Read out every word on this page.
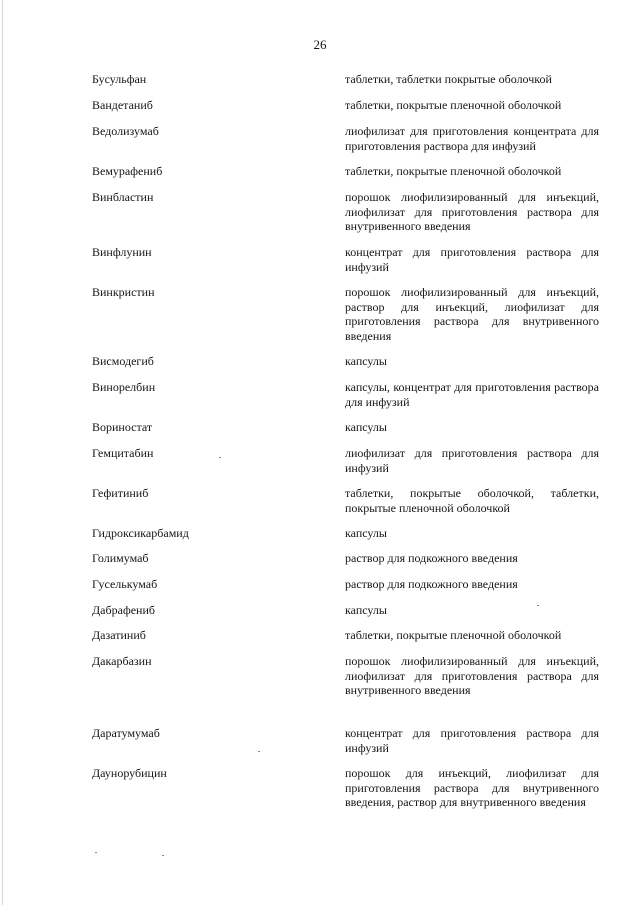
26
Бусульфан	таблетки, таблетки покрытые оболочкой
Вандетаниб	таблетки, покрытые пленочной оболочкой
Ведолизумаб	лиофилизат для приготовления концентрата для приготовления раствора для инфузий
Вемурафениб	таблетки, покрытые пленочной оболочкой
Винбластин	порошок лиофилизированный для инъекций, лиофилизат для приготовления раствора для внутривенного введения
Винфлунин	концентрат для приготовления раствора для инфузий
Винкристин	порошок лиофилизированный для инъекций, раствор для инъекций, лиофилизат для приготовления раствора для внутривенного введения
Висмодегиб	капсулы
Винорелбин	капсулы, концентрат для приготовления раствора для инфузий
Вориностат	капсулы
Гемцитабин	лиофилизат для приготовления раствора для инфузий
Гефитиниб	таблетки, покрытые оболочкой, таблетки, покрытые пленочной оболочкой
Гидроксикарбамид	капсулы
Голимумаб	раствор для подкожного введения
Гуселькумаб	раствор для подкожного введения
Дабрафениб	капсулы
Дазатиниб	таблетки, покрытые пленочной оболочкой
Дакарбазин	порошок лиофилизированный для инъекций, лиофилизат для приготовления раствора для внутривенного введения
Даратумумаб	концентрат для приготовления раствора для инфузий
Даунорубицин	порошок для инъекций, лиофилизат для приготовления раствора для внутривенного введения, раствор для внутривенного введения
